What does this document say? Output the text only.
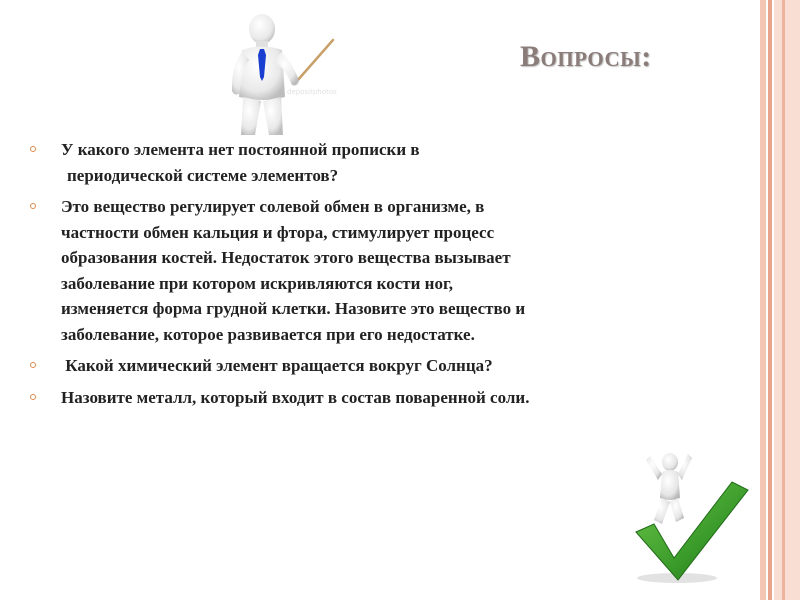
depositphotos
Вопросы:
У какого элемента нет постоянной прописки в
периодической системе элементов?
Это вещество регулирует солевой обмен в организме, в
частности обмен кальция и фтора, стимулирует процесс
образования костей. Недостаток этого вещества вызывает
заболевание при котором искривляются кости ног,
изменяется форма грудной клетки. Назовите это вещество и
заболевание, которое развивается при его недостатке.
Какой химический элемент вращается вокруг Солнца?
Назовите металл, который входит в состав поваренной соли.
